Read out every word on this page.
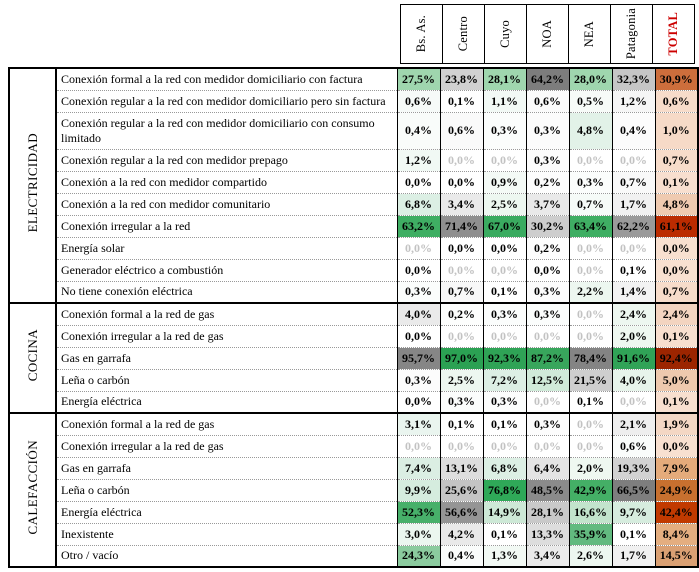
Bs. As. Centro Cuyo NOA NEA Patagonia TOTAL
ELECTRICIDAD	Conexión formal a la red con medidor domiciliario con factura	27,5%	23,8%	28,1%	64,2%	28,0%	32,3%	30,9%
	Conexión regular a la red con medidor domiciliario pero sin factura	0,6%	0,1%	1,1%	0,6%	0,5%	1,2%	0,6%
	Conexión regular a la red con medidor domiciliario con consumo limitado	0,4%	0,6%	0,3%	0,3%	4,8%	0,4%	1,0%
	Conexión regular a la red con medidor prepago	1,2%	0,0%	0,0%	0,3%	0,0%	0,0%	0,7%
	Conexión a la red con medidor compartido	0,0%	0,0%	0,9%	0,2%	0,3%	0,7%	0,1%
	Conexión a la red con medidor comunitario	6,8%	3,4%	2,5%	3,7%	0,7%	1,7%	4,8%
	Conexión irregular a la red	63,2%	71,4%	67,0%	30,2%	63,4%	62,2%	61,1%
	Energía solar	0,0%	0,0%	0,0%	0,2%	0,0%	0,0%	0,0%
	Generador eléctrico a combustión	0,0%	0,0%	0,0%	0,0%	0,0%	0,1%	0,0%
	No tiene conexión eléctrica	0,3%	0,7%	0,1%	0,3%	2,2%	1,4%	0,7%
COCINA	Conexión formal a la red de gas	4,0%	0,2%	0,3%	0,3%	0,0%	2,4%	2,4%
	Conexión irregular a la red de gas	0,0%	0,0%	0,0%	0,0%	0,0%	2,0%	0,1%
	Gas en garrafa	95,7%	97,0%	92,3%	87,2%	78,4%	91,6%	92,4%
	Leña o carbón	0,3%	2,5%	7,2%	12,5%	21,5%	4,0%	5,0%
	Energía eléctrica	0,0%	0,3%	0,3%	0,0%	0,1%	0,0%	0,1%
CALEFACCIÓN	Conexión formal a la red de gas	3,1%	0,1%	0,1%	0,3%	0,0%	2,1%	1,9%
	Conexión irregular a la red de gas	0,0%	0,0%	0,0%	0,0%	0,0%	0,6%	0,0%
	Gas en garrafa	7,4%	13,1%	6,8%	6,4%	2,0%	19,3%	7,9%
	Leña o carbón	9,9%	25,6%	76,8%	48,5%	42,9%	66,5%	24,9%
	Energía eléctrica	52,3%	56,6%	14,9%	28,1%	16,6%	9,7%	42,4%
	Inexistente	3,0%	4,2%	0,1%	13,3%	35,9%	0,1%	8,4%
	Otro / vacío	24,3%	0,4%	1,3%	3,4%	2,6%	1,7%	14,5%
